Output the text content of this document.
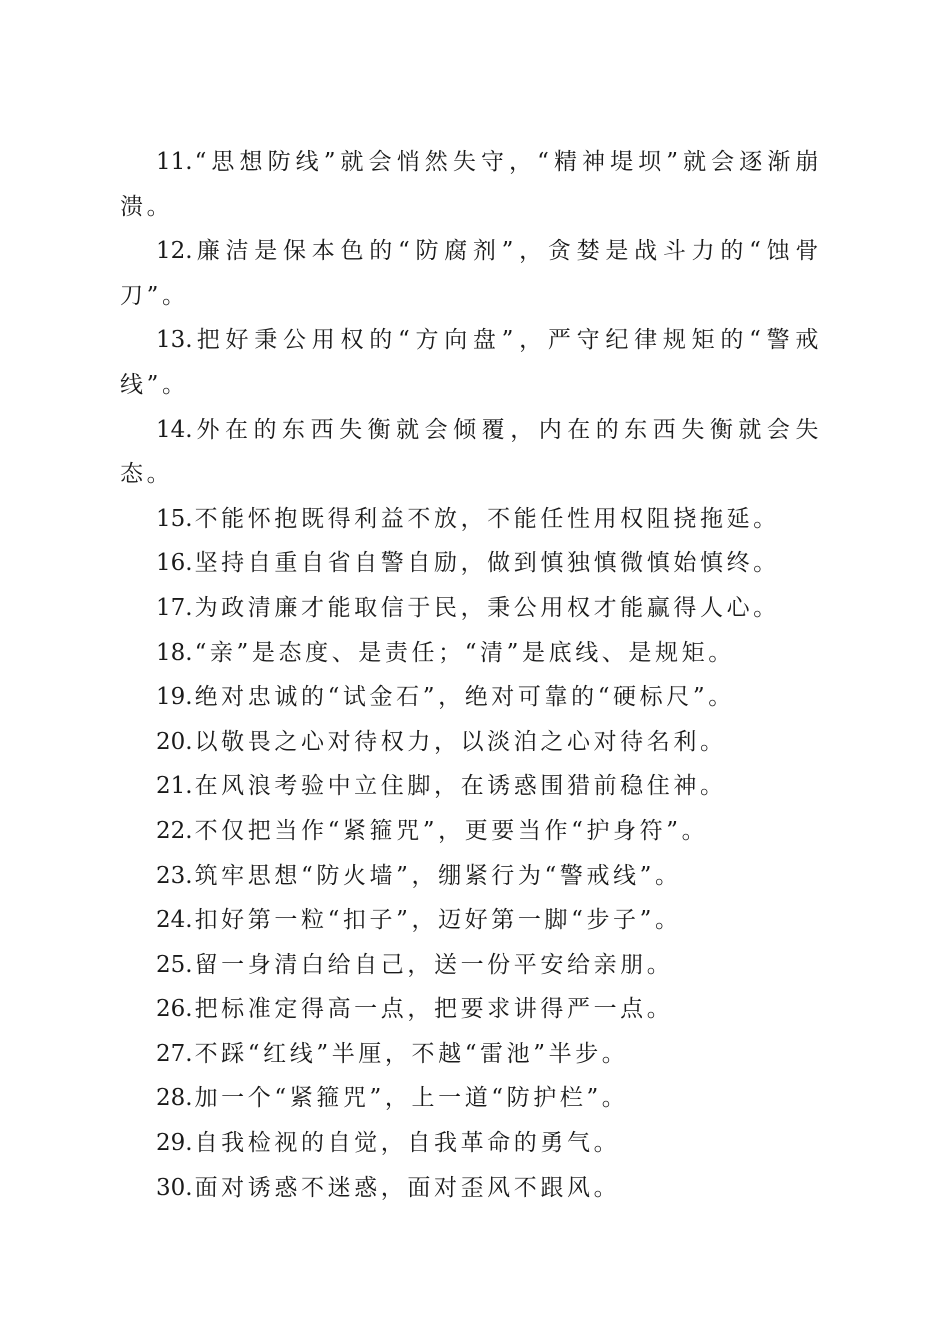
11.“思想防线”就会悄然失守，“精神堤坝”就会逐渐崩溃。

12.廉洁是保本色的“防腐剂”，贪婪是战斗力的“蚀骨刀”。

13.把好秉公用权的“方向盘”，严守纪律规矩的“警戒线”。

14.外在的东西失衡就会倾覆，内在的东西失衡就会失态。

15.不能怀抱既得利益不放，不能任性用权阻挠拖延。

16.坚持自重自省自警自励，做到慎独慎微慎始慎终。

17.为政清廉才能取信于民，秉公用权才能赢得人心。

18.“亲”是态度、是责任；“清”是底线、是规矩。

19.绝对忠诚的“试金石”，绝对可靠的“硬标尺”。

20.以敬畏之心对待权力，以淡泊之心对待名利。

21.在风浪考验中立住脚，在诱惑围猎前稳住神。

22.不仅把当作“紧箍咒”，更要当作“护身符”。

23.筑牢思想“防火墙”，绷紧行为“警戒线”。

24.扣好第一粒“扣子”，迈好第一脚“步子”。

25.留一身清白给自己，送一份平安给亲朋。

26.把标准定得高一点，把要求讲得严一点。

27.不踩“红线”半厘，不越“雷池”半步。

28.加一个“紧箍咒”，上一道“防护栏”。

29.自我检视的自觉，自我革命的勇气。

30.面对诱惑不迷惑，面对歪风不跟风。
